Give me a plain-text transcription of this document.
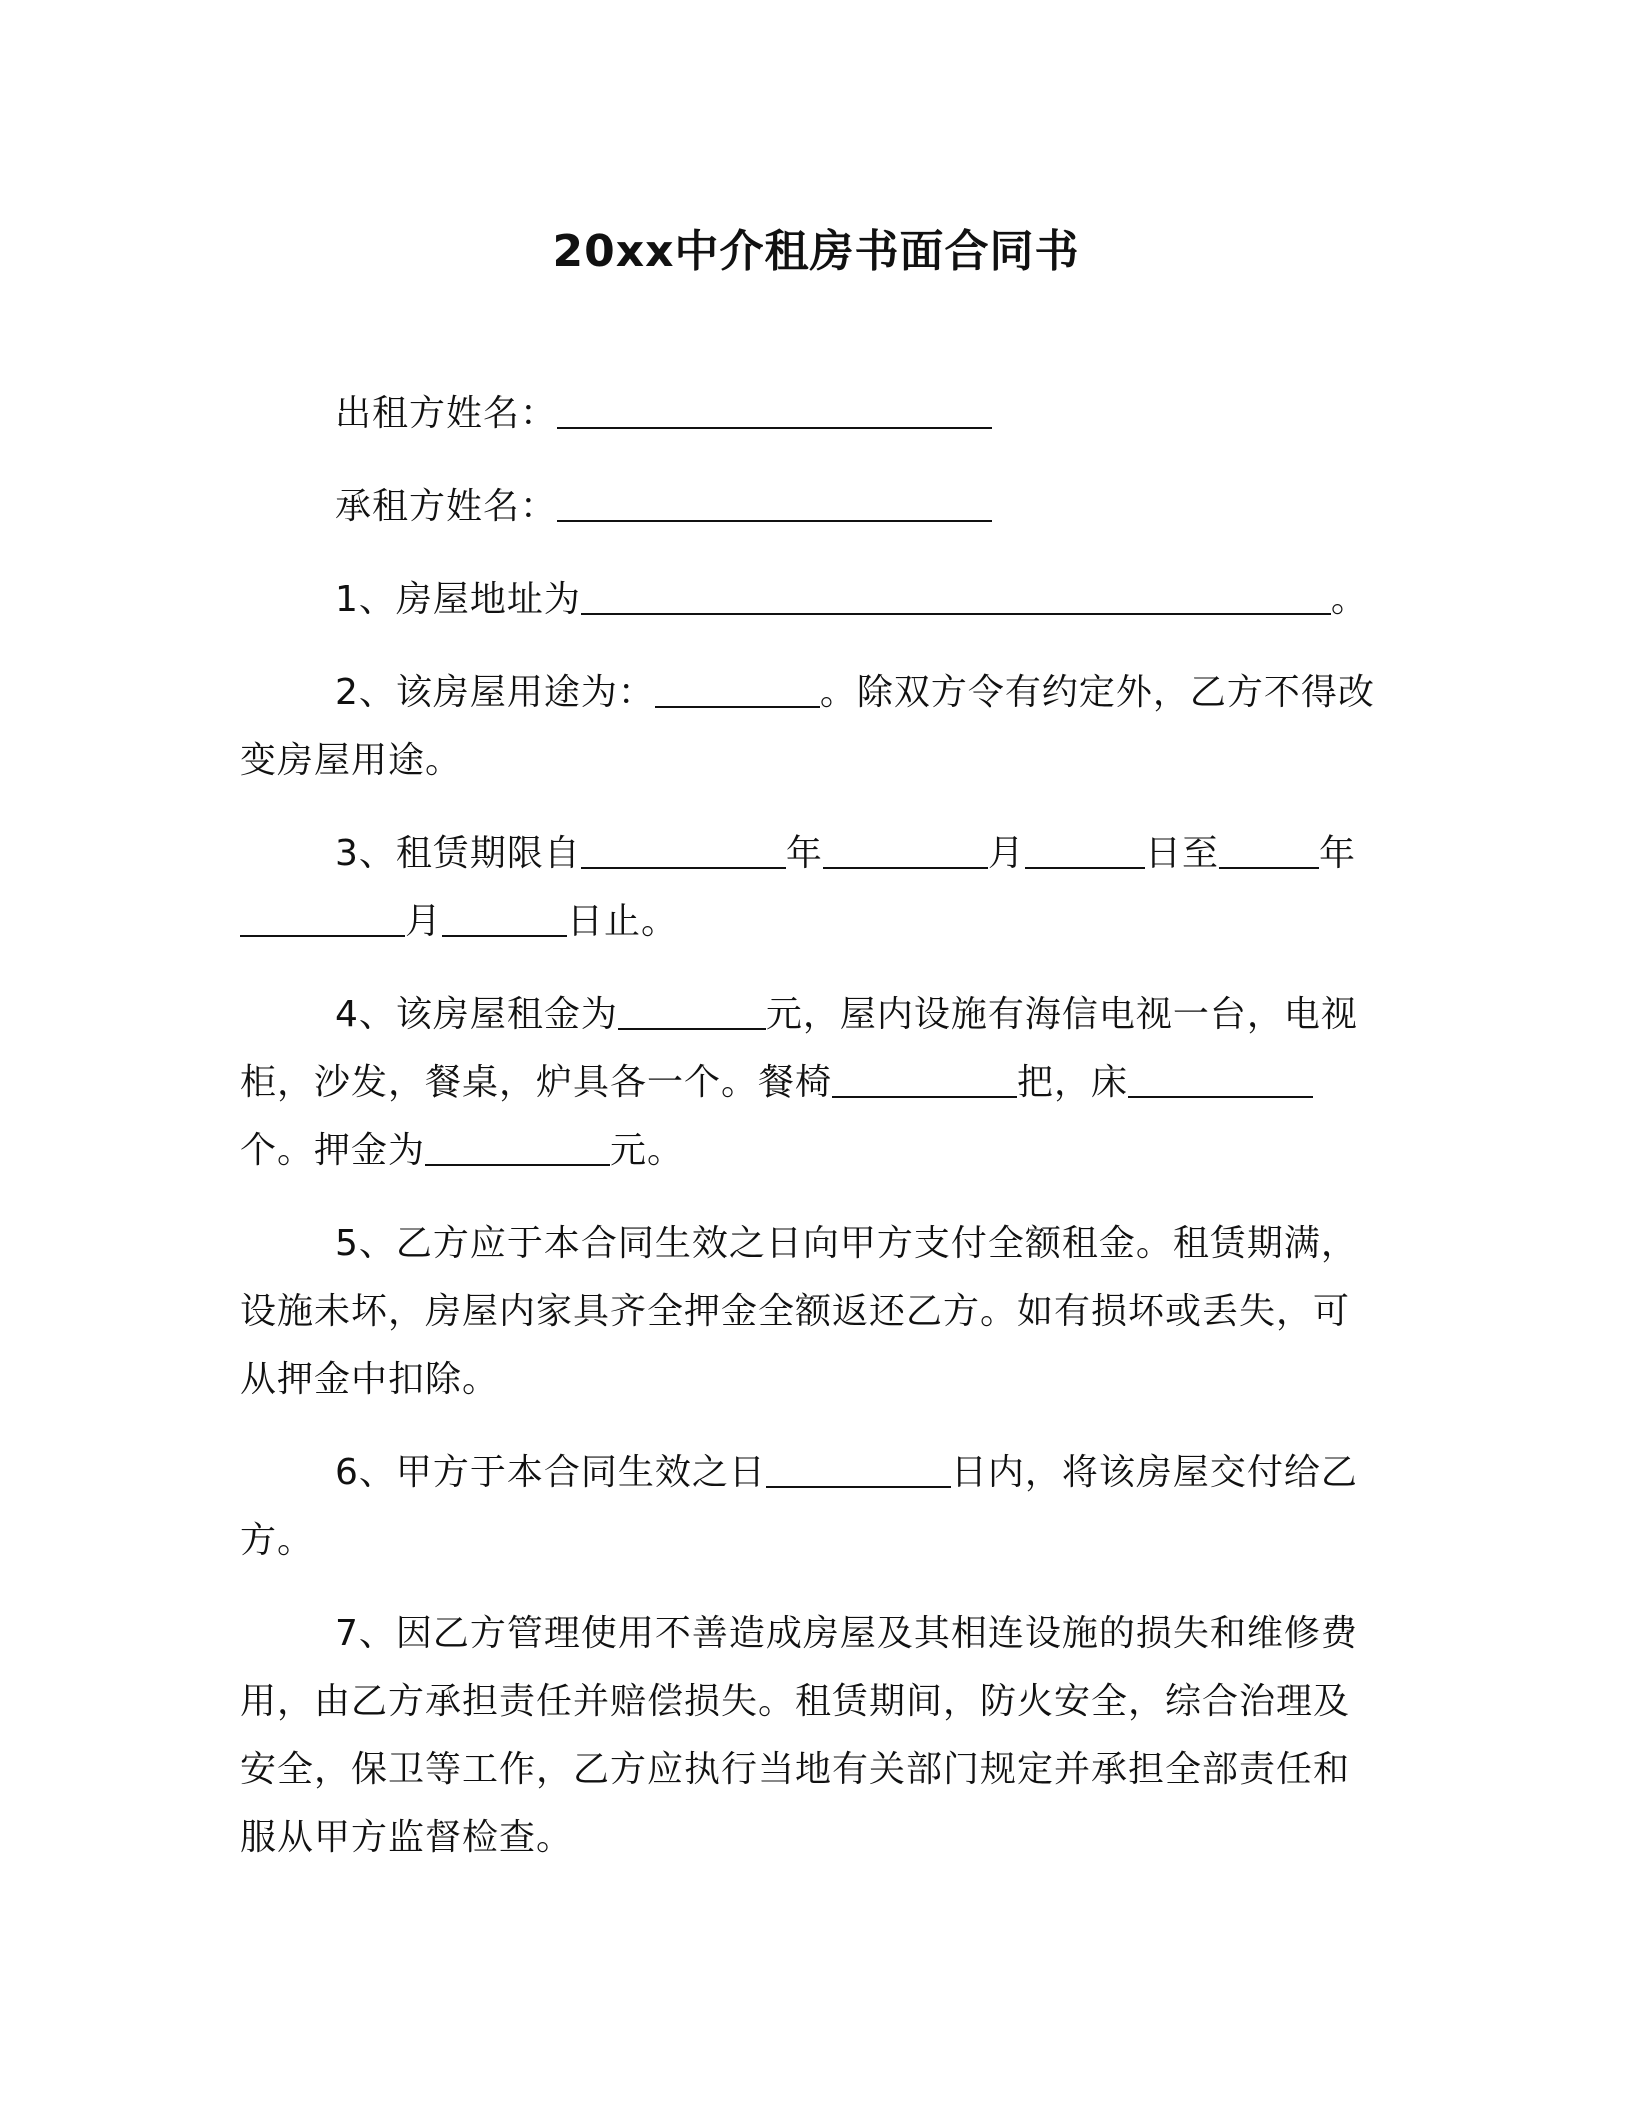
20xx中介租房书面合同书

出租方姓名：

承租方姓名：

1、房屋地址为	。

2、该房屋用途为：	。除双方令有约定外，乙方不得改变房屋用途。

3、租赁期限自	年	月	日至	年月	日止。

4、该房屋租金为	元，屋内设施有海信电视一台，电视柜，沙发，餐桌，炉具各一个。餐椅	把，床个。押金为	元。

5、乙方应于本合同生效之日向甲方支付全额租金。租赁期满，设施未坏，房屋内家具齐全押金全额返还乙方。如有损坏或丢失，可从押金中扣除。

6、甲方于本合同生效之日	日内，将该房屋交付给乙方。

7、因乙方管理使用不善造成房屋及其相连设施的损失和维修费用，由乙方承担责任并赔偿损失。租赁期间，防火安全，综合治理及安全，保卫等工作，乙方应执行当地有关部门规定并承担全部责任和服从甲方监督检查。
